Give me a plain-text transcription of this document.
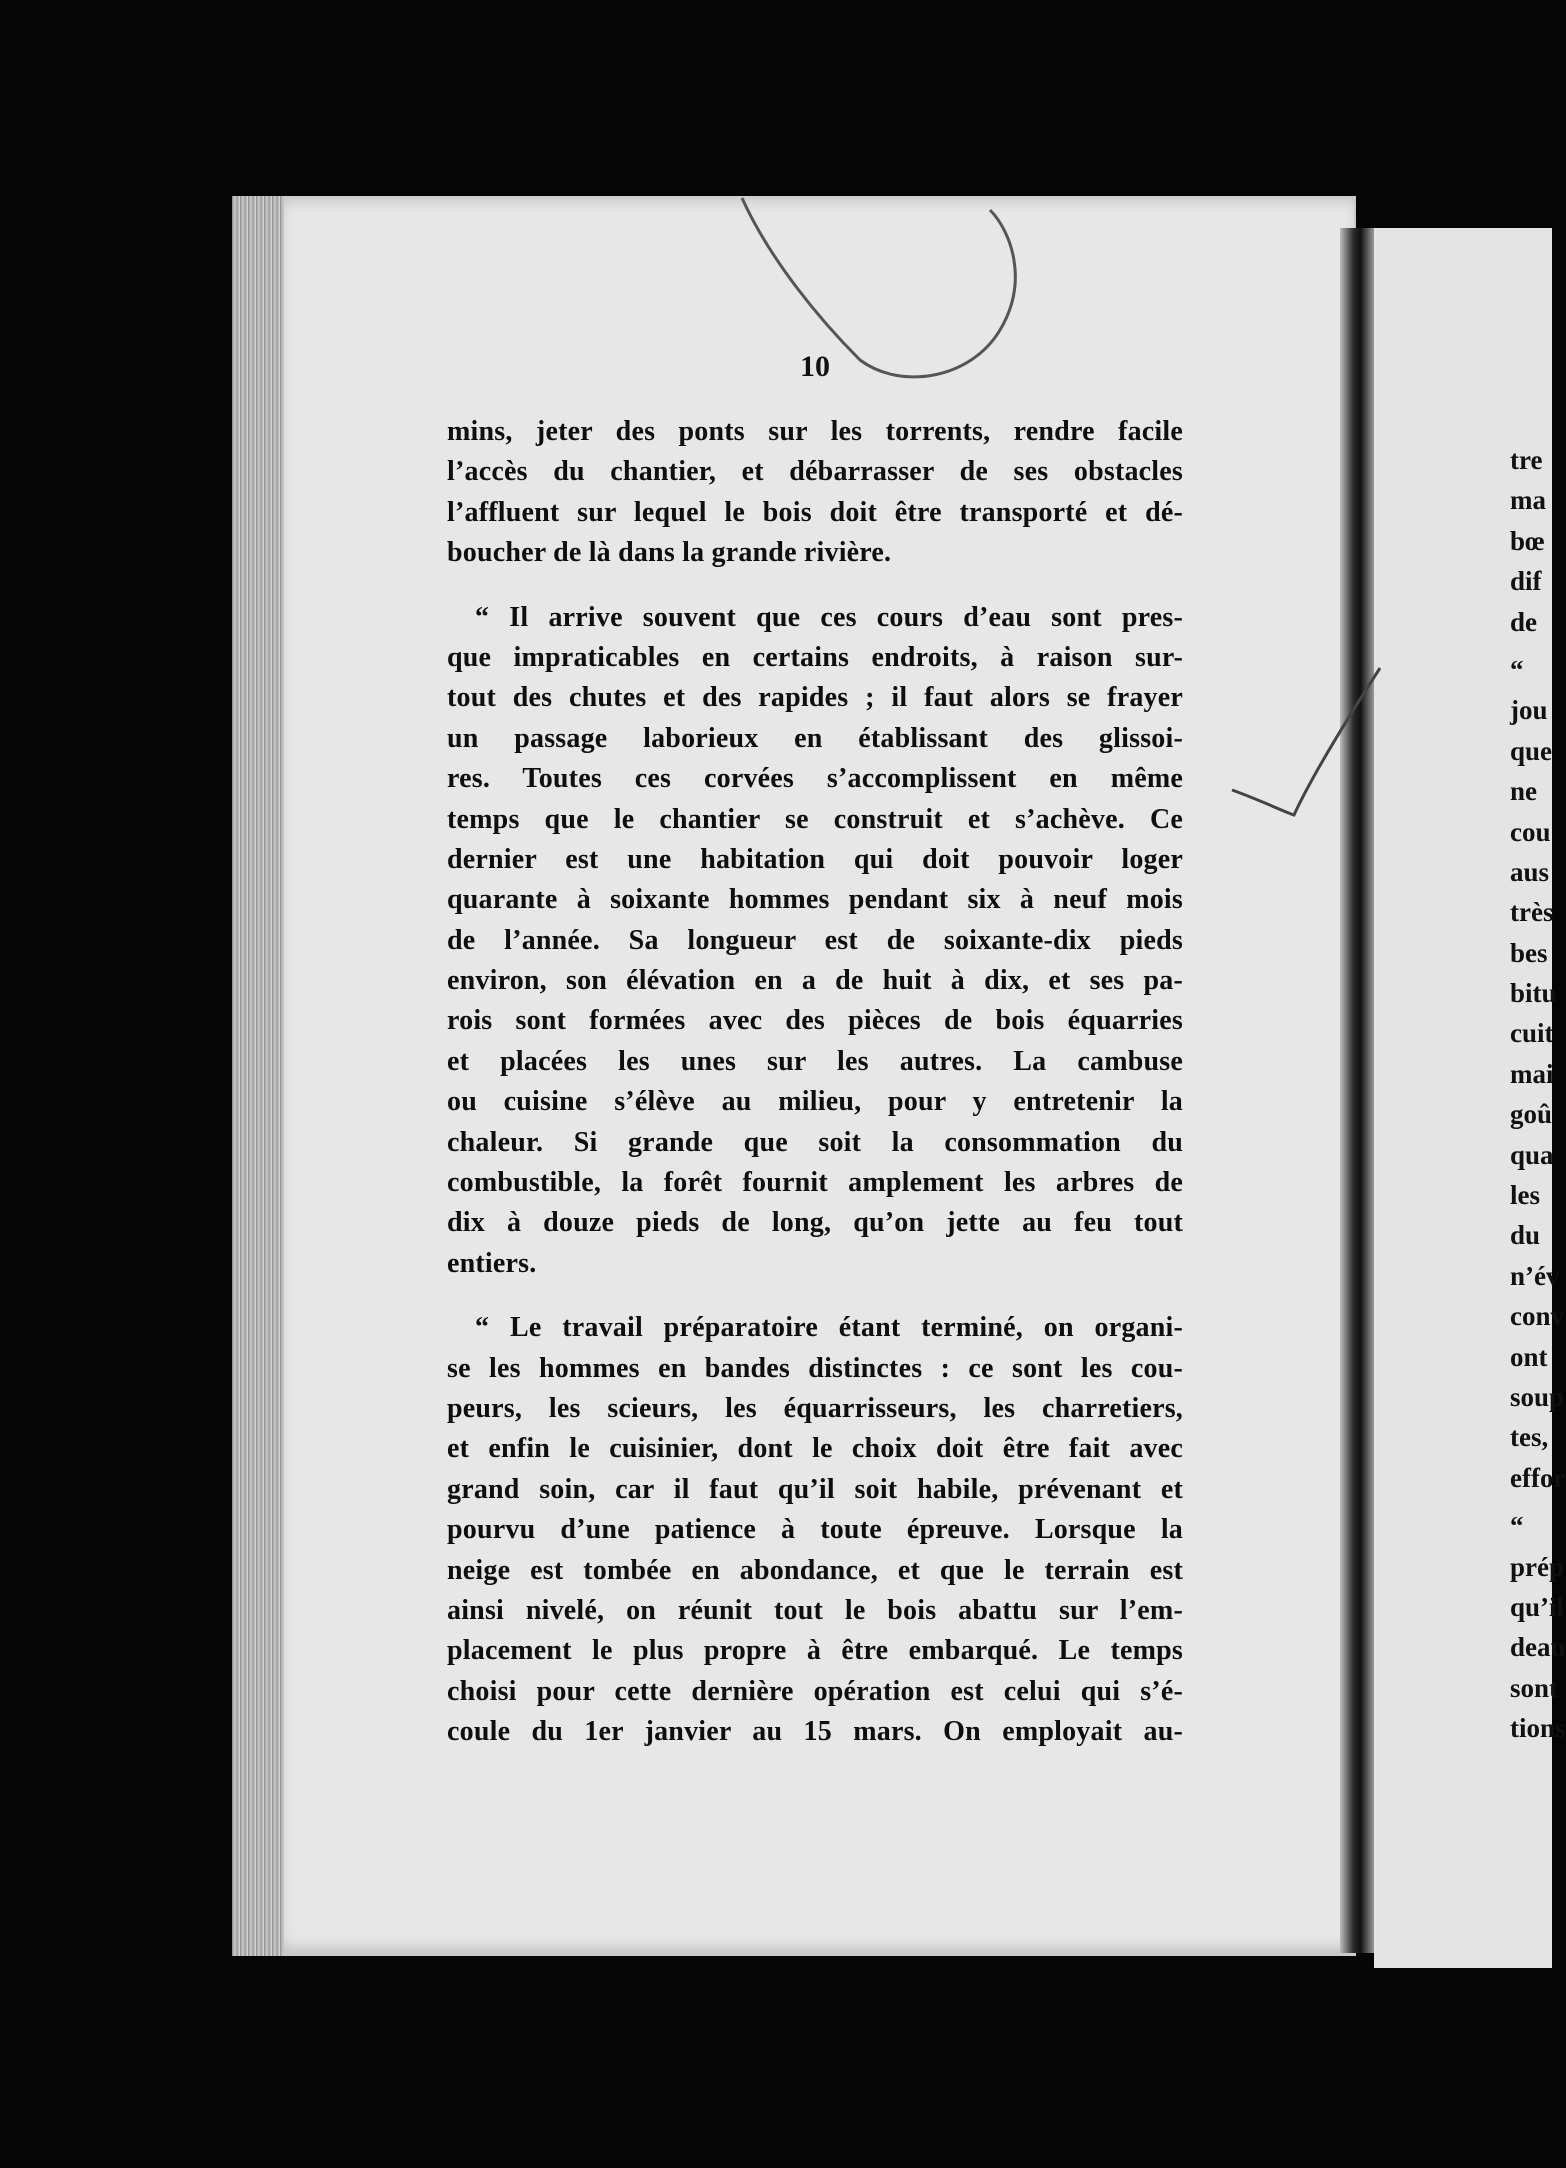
tre
ma
bœ
dif
de
“
jou
que
ne
cou
aus
très
bes
bitu
cuit
mai
goû
qua
les
du
n’év
conv
ont
soup
tes,
effor
“
prép
qu’il
deau
sont
tions
10
mins, jeter des ponts sur les torrents, rendre facile
l’accès du chantier, et débarrasser de ses obstacles
l’affluent sur lequel le bois doit être transporté et dé-
boucher de là dans la grande rivière.
“ Il arrive souvent que ces cours d’eau sont pres-
que impraticables en certains endroits, à raison sur-
tout des chutes et des rapides ; il faut alors se frayer
un passage laborieux en établissant des glissoi-
res. Toutes ces corvées s’accomplissent en même
temps que le chantier se construit et s’achève. Ce
dernier est une habitation qui doit pouvoir loger
quarante à soixante hommes pendant six à neuf mois
de l’année. Sa longueur est de soixante-dix pieds
environ, son élévation en a de huit à dix, et ses pa-
rois sont formées avec des pièces de bois équarries
et placées les unes sur les autres. La cambuse
ou cuisine s’élève au milieu, pour y entretenir la
chaleur. Si grande que soit la consommation du
combustible, la forêt fournit amplement les arbres de
dix à douze pieds de long, qu’on jette au feu tout
entiers.
“ Le travail préparatoire étant terminé, on organi-
se les hommes en bandes distinctes : ce sont les cou-
peurs, les scieurs, les équarrisseurs, les charretiers,
et enfin le cuisinier, dont le choix doit être fait avec
grand soin, car il faut qu’il soit habile, prévenant et
pourvu d’une patience à toute épreuve. Lorsque la
neige est tombée en abondance, et que le terrain est
ainsi nivelé, on réunit tout le bois abattu sur l’em-
placement le plus propre à être embarqué. Le temps
choisi pour cette dernière opération est celui qui s’é-
coule du 1er janvier au 15 mars. On employait au-
